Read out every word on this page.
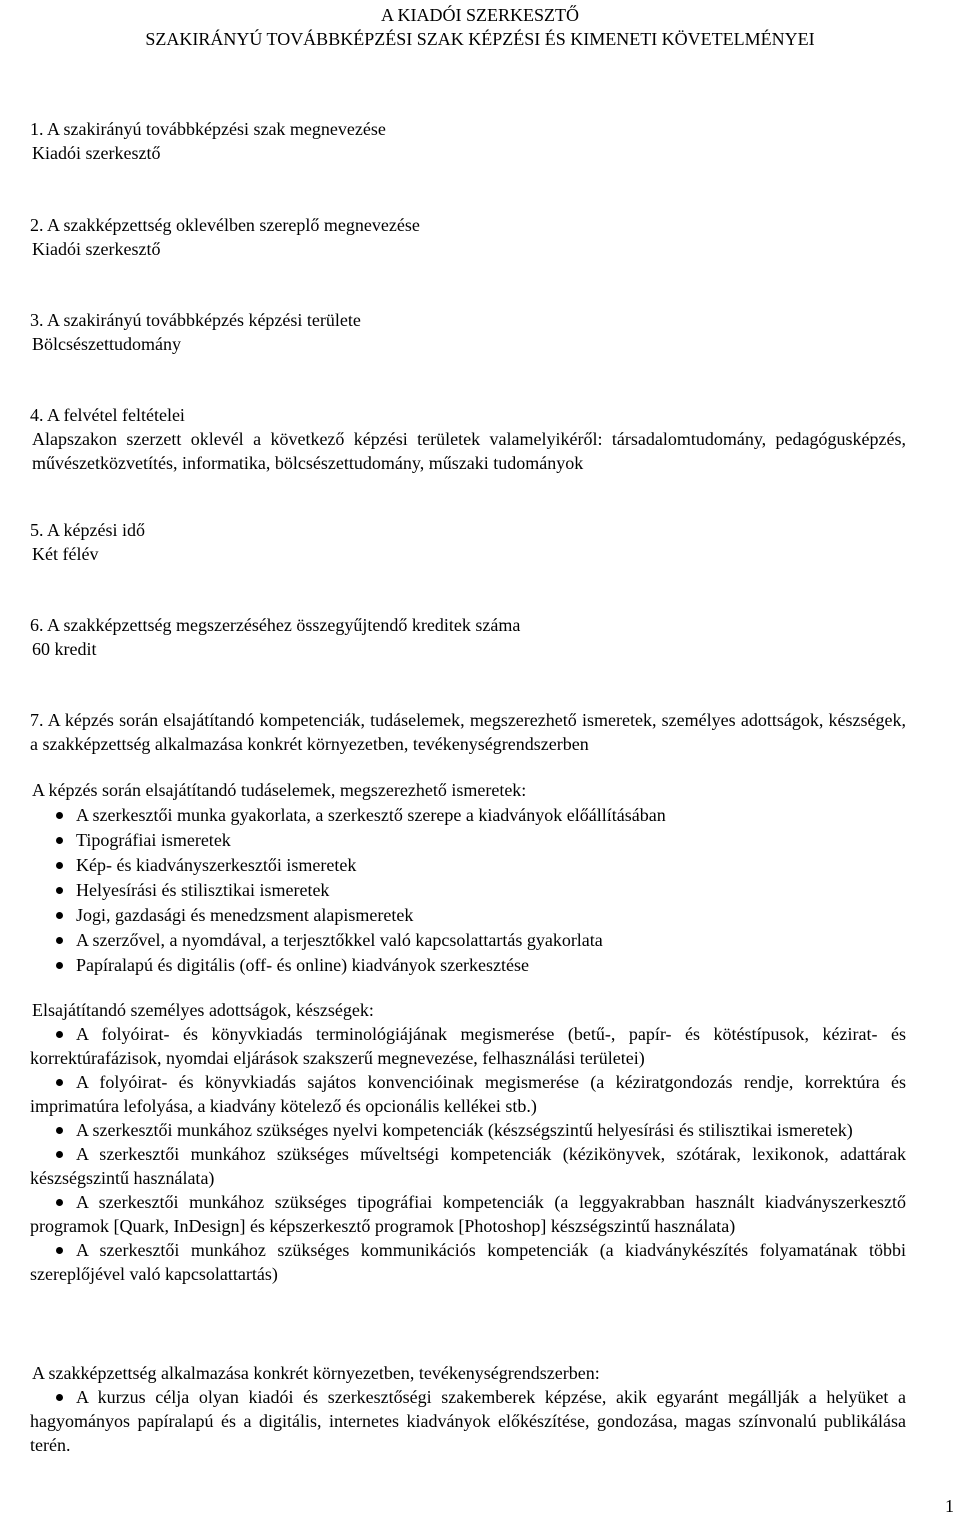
A KIADÓI SZERKESZTŐ
SZAKIRÁNYÚ TOVÁBBKÉPZÉSI SZAK KÉPZÉSI ÉS KIMENETI KÖVETELMÉNYEI
1. A szakirányú továbbképzési szak megnevezése
Kiadói szerkesztő
2. A szakképzettség oklevélben szereplő megnevezése
Kiadói szerkesztő
3. A szakirányú továbbképzés képzési területe
Bölcsészettudomány
4. A felvétel feltételei
Alapszakon szerzett oklevél a következő képzési területek valamelyikéről: társadalomtudomány, pedagógusképzés, művészetközvetítés, informatika, bölcsészettudomány, műszaki tudományok
5. A képzési idő
Két félév
6. A szakképzettség megszerzéséhez összegyűjtendő kreditek száma
60 kredit
7. A képzés során elsajátítandó kompetenciák, tudáselemek, megszerezhető ismeretek, személyes adottságok, készségek, a szakképzettség alkalmazása konkrét környezetben, tevékenységrendszerben
A képzés során elsajátítandó tudáselemek, megszerezhető ismeretek:
A szerkesztői munka gyakorlata, a szerkesztő szerepe a kiadványok előállításában
Tipográfiai ismeretek
Kép- és kiadványszerkesztői ismeretek
Helyesírási és stilisztikai ismeretek
Jogi, gazdasági és menedzsment alapismeretek
A szerzővel, a nyomdával, a terjesztőkkel való kapcsolattartás gyakorlata
Papíralapú és digitális (off- és online) kiadványok szerkesztése
Elsajátítandó személyes adottságok, készségek:
A folyóirat- és könyvkiadás terminológiájának megismerése (betű-, papír- és kötéstípusok, kézirat- és korrektúrafázisok, nyomdai eljárások szakszerű megnevezése, felhasználási területei)
A folyóirat- és könyvkiadás sajátos konvencióinak megismerése (a kéziratgondozás rendje, korrektúra és imprimatúra lefolyása, a kiadvány kötelező és opcionális kellékei stb.)
A szerkesztői munkához szükséges nyelvi kompetenciák (készségszintű helyesírási és stilisztikai ismeretek)
A szerkesztői munkához szükséges műveltségi kompetenciák (kézikönyvek, szótárak, lexikonok, adattárak készségszintű használata)
A szerkesztői munkához szükséges tipográfiai kompetenciák (a leggyakrabban használt kiadványszerkesztő programok [Quark, InDesign] és képszerkesztő programok [Photoshop] készségszintű használata)
A szerkesztői munkához szükséges kommunikációs kompetenciák (a kiadványkészítés folyamatának többi szereplőjével való kapcsolattartás)
A szakképzettség alkalmazása konkrét környezetben, tevékenységrendszerben:
A kurzus célja olyan kiadói és szerkesztőségi szakemberek képzése, akik egyaránt megállják a helyüket a hagyományos papíralapú és a digitális, internetes kiadványok előkészítése, gondozása, magas színvonalú publikálása terén.
1
